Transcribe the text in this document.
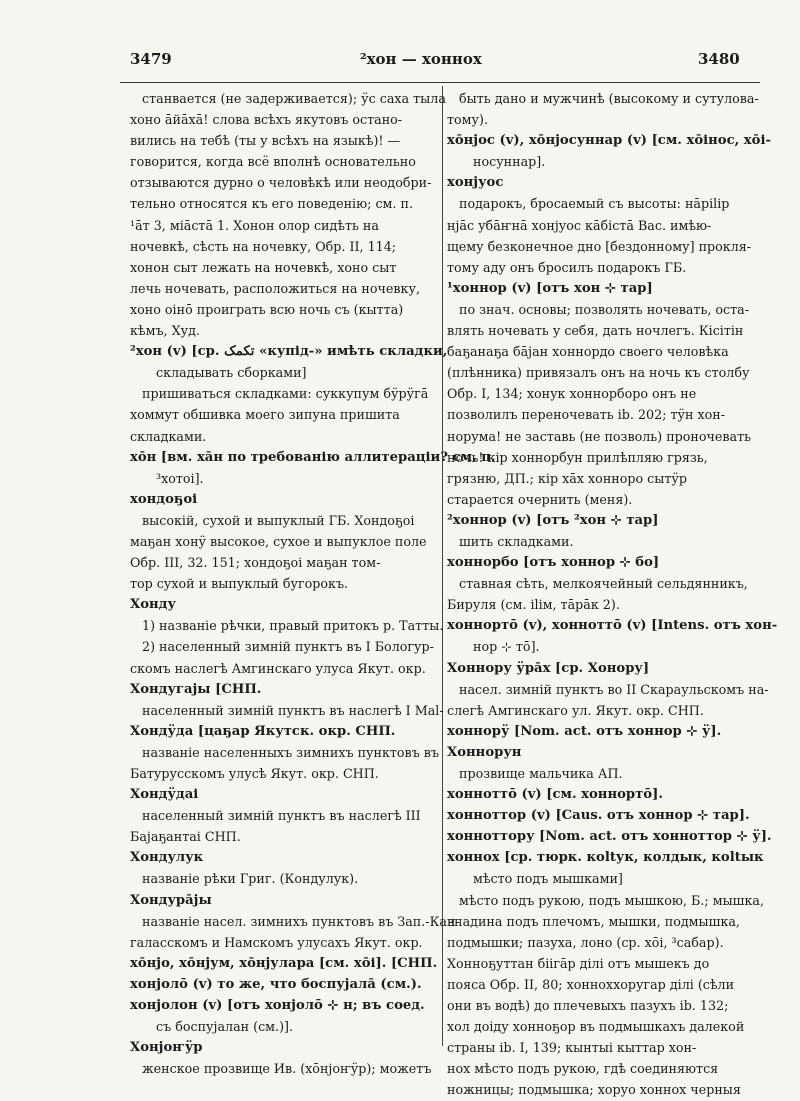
3479	²хон — хоннох	3480
станвается (не задерживается); ӱс саха тыла
хоно а̄йа̄ха̄! слова всѣхъ якутовъ остано-
вились на тебѣ (ты у всѣхъ на языкѣ)! —
говорится, когда всё вполнѣ основательно
отзываются дурно о человѣкѣ или неодобри-
тельно относятся къ его поведенію; см. п.
¹а̄т 3, міа̄ста̄ 1. Хонон олор сидѣть на
ночевкѣ, сѣсть на ночевку, Обр. II, 114;
хонон сыт лежать на ночевкѣ, хоно сыт
лечь ночевать, расположиться на ночевку,
хоно оінō проиграть всю ночь съ (кытта)
кѣмъ, Худ.
²хон (v) [ср. تکمک «купід-» имѣть складки,
складывать сборками]
пришиваться складками: суккупум бӱрӱга̄
хоммут обшивка моего зипуна пришита
складками.
хо̄н [вм. ха̄н по требованію аллитераціи? см. п.
³хотоі].
хондоҕоі
высокій, сухой и выпуклый ГБ. Хондоҕоі
маҕан хонӱ высокое, сухое и выпуклое поле
Обр. III, 32. 151; хондоҕоі маҕан том-
тор сухой и выпуклый бугорокъ.
Хонду
1) названіе рѣчки, правый притокъ р. Татты.
2) населенный зимній пунктъ въ I Бологур-
скомъ наслегѣ Амгинскаго улуса Якут. окр.
Хондугаjы [СНП.
населенный зимній пунктъ въ наслегѣ I Маl-
Хондӱда [цаҕар Якутск. окр. СНП.
названіе населенныхъ зимнихъ пунктовъ въ
Батурусскомъ улусѣ Якут. окр. СНП.
Хондӱдаі
населенный зимній пунктъ въ наслегѣ III
Баjаҕантаі СНП.
Хондулук
названіе рѣки Григ. (Кондулук).
Хондура̄jы
названіе насел. зимнихъ пунктовъ въ Зап.-Кан-
галасскомъ и Намскомъ улусахъ Якут. окр.
хо̄нjо, хо̄нjум, хо̄нjулара [см. хо̄і]. [СНП.
хонjолō (v) то же, что боспуjала̄ (см.).
хонjолон (v) [отъ хонjолō ⊹ н; въ соед.
съ боспуjалан (см.)].
Хонjоҥӱр
женское прозвище Ив. (хо̄нjоҥӱр); можетъ
быть дано и мужчинѣ (высокому и сутулова-
тому).
хо̄нjос (v), хо̄нjосуннар (v) [см. хо̄інос, хо̄і-
носуннар].
хонjуос
подарокъ, бросаемый съ высоты: на̄ріlір
нjа̄с уба̄ҥна̄ хонjуос ка̄бiста̄ Вас. имѣю-
щему безконечное дно [бездонному] прокля-
тому аду онъ бросилъ подарокъ ГБ.
¹хоннор (v) [отъ хон ⊹ тар]
по знач. основы; позволять ночевать, оста-
влять ночевать у себя, дать ночлегъ. Кiсiтiн
баҕанаҕа ба̄jан хоннордо своего человѣка
(плѣнника) привязалъ онъ на ночь къ столбу
Обр. I, 134; хонук хоннорборо онъ не
позволилъ переночевать ib. 202; тӱн хон-
норума! не заставь (не позволь) проночевать
ночь! кір хоннорбун прилѣпляю грязь,
грязню, ДП.; кір ха̄х хонноро сытӱр
старается очернить (меня).
²хоннор (v) [отъ ²хон ⊹ тар]
шить складками.
хоннорбо [отъ хоннор ⊹ бо]
ставная сѣть, мелкоячейный сельдянникъ,
Бируля (см. іlім, та̄рāк 2).
хоннортō (v), хонноттō (v) [Intens. отъ хон-
нор ⊹ тō].
Хоннору ӱра̄х [ср. Хонору]
насел. зимній пунктъ во II Скараульскомъ на-
слегѣ Амгинскаго ул. Якут. окр. СНП.
хоннорӱ [Nom. act. отъ хоннор ⊹ ӱ].
Хоннорун
прозвище мальчика АП.
хонноттō (v) [см. хоннортō].
хонноттор (v) [Caus. отъ хоннор ⊹ тар].
хонноттору [Nom. act. отъ хонноттор ⊹ ӱ].
хоннох [ср. тюрк. коltук, колдык, коltык
мѣсто подъ мышками]
мѣсто подъ рукою, подъ мышкою, Б.; мышка,
впадина подъ плечомъ, мышки, подмышка,
подмышки; пазуха, лоно (ср. хо̄і, ³сабар).
Хонноҕуттан бііга̄р ділі отъ мышекъ до
пояса Обр. II, 80; хонноххоругар ділі (сѣли
они въ водѣ) до плечевыхъ пазухъ ib. 132;
хол доіду хонноҕор въ подмышкахъ далекой
страны ib. I, 139; кынтыі кыттар хон-
нох мѣсто подъ рукою, гдѣ соединяются
ножницы; подмышка; хоруо хоннох черныя
